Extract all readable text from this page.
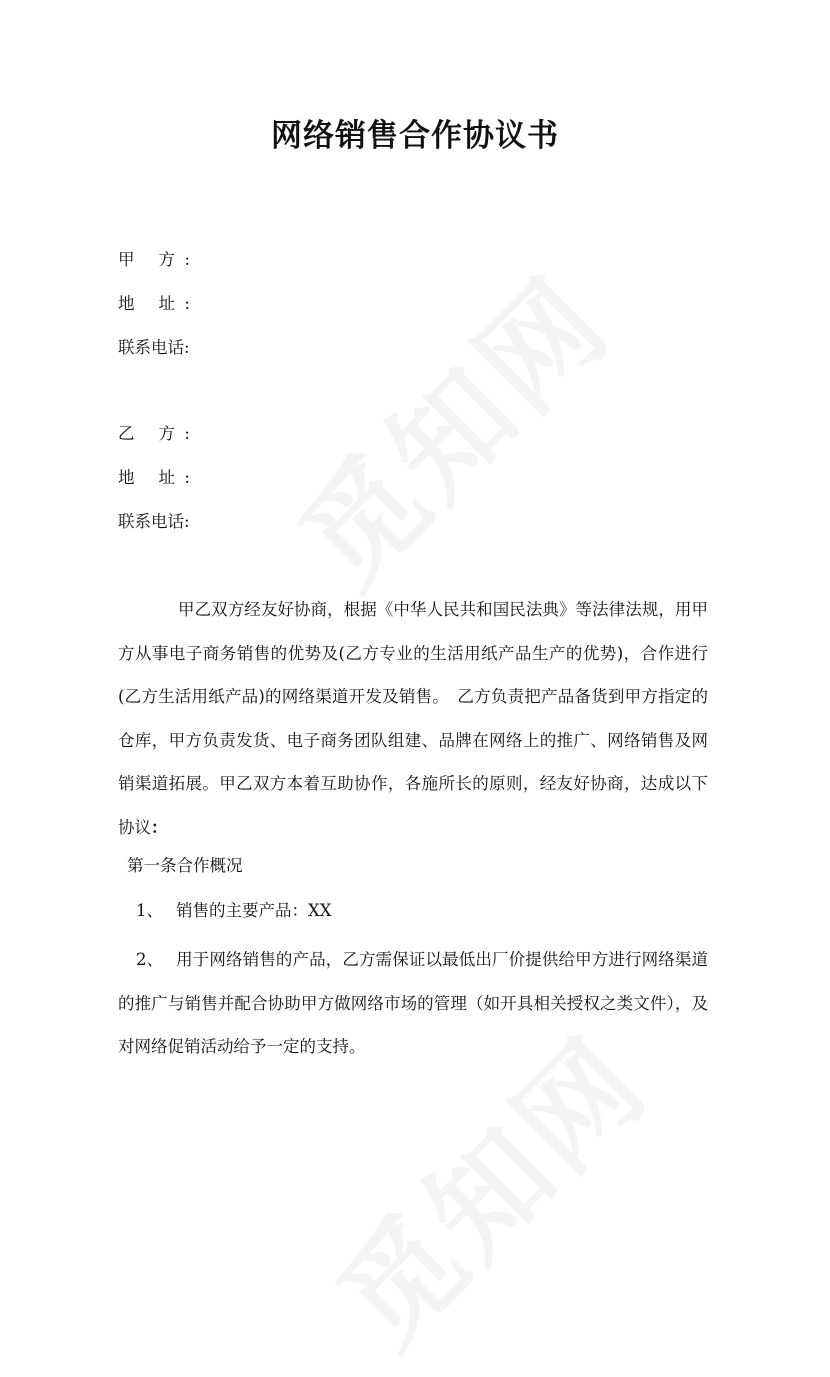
网络销售合作协议书
甲 方:
地 址:
联系电话:
乙 方:
地 址:
联系电话:
甲乙双方经友好协商，根据《中华人民共和国民法典》等法律法规，用甲方从事电子商务销售的优势及(乙方专业的生活用纸产品生产的优势)，合作进行(乙方生活用纸产品)的网络渠道开发及销售。　乙方负责把产品备货到甲方指定的仓库，甲方负责发货、电子商务团队组建、品牌在网络上的推广、网络销售及网销渠道拓展。甲乙双方本着互助协作，各施所长的原则，经友好协商，达成以下协议：
第一条合作概况
1、 销售的主要产品：XX
2、 用于网络销售的产品，乙方需保证以最低出厂价提供给甲方进行网络渠道的推广与销售并配合协助甲方做网络市场的管理（如开具相关授权之类文件），及对网络促销活动给予一定的支持。
